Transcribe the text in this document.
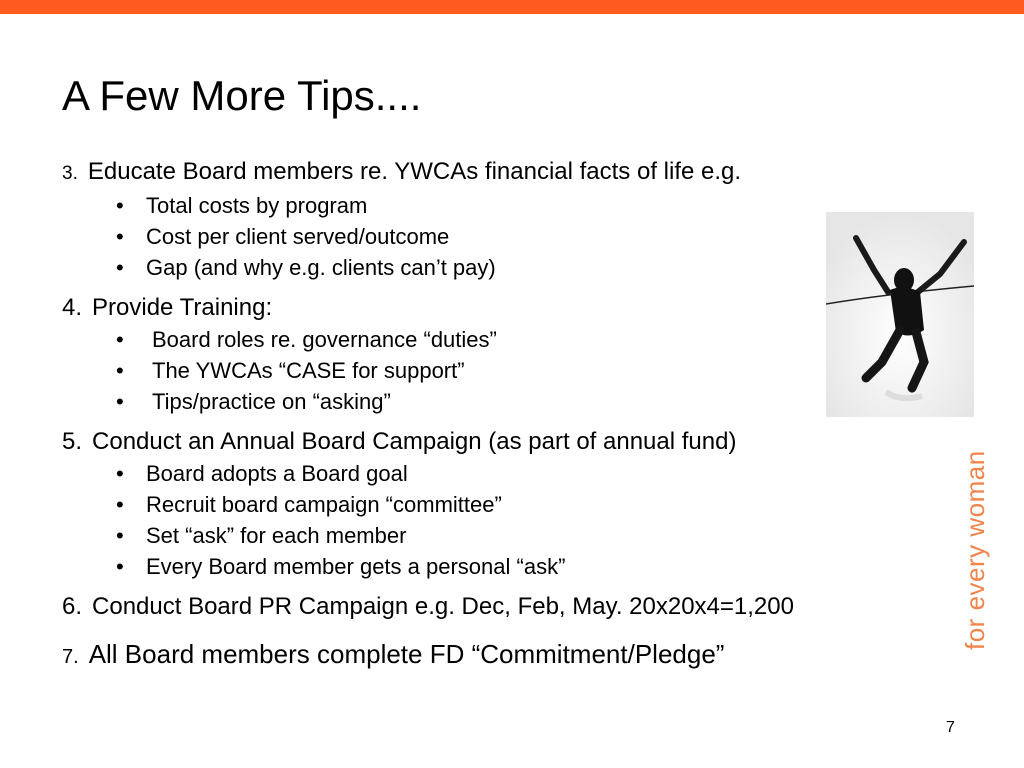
A Few More Tips....
3. Educate Board members re. YWCAs financial facts of life e.g.
•	Total costs by program
•	Cost per client served/outcome
•	Gap (and why e.g. clients can’t pay)
4. Provide Training:
•	Board roles re. governance “duties”
•	The YWCAs “CASE for support”
•	Tips/practice on “asking”
5. Conduct an Annual Board Campaign (as part of annual fund)
•	Board adopts a Board goal
•	Recruit board campaign “committee”
•	Set “ask” for each member
•	Every Board member gets a personal “ask”
6. Conduct Board PR Campaign e.g. Dec, Feb, May. 20x20x4=1,200
7. All Board members complete FD “Commitment/Pledge”
for every woman
7
